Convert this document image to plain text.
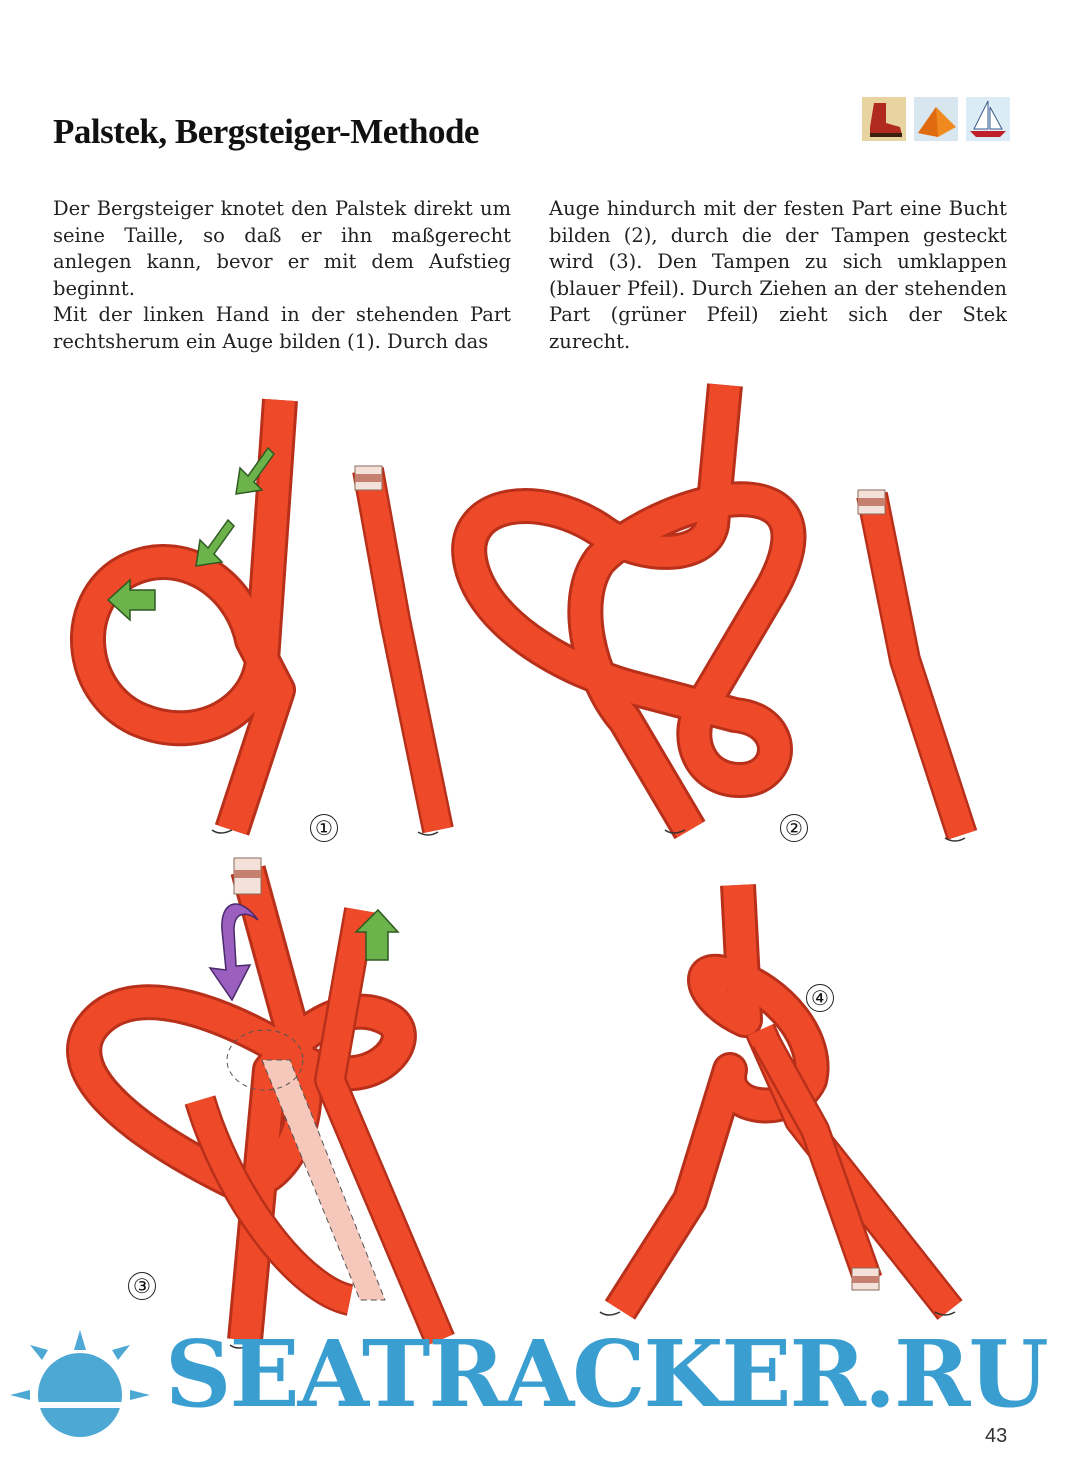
Palstek, Bergsteiger-Methode

Der Bergsteiger knotet den Palstek direkt um seine Taille, so daß er ihn maßgerecht anlegen kann, bevor er mit dem Aufstieg beginnt.

Mit der linken Hand in der stehenden Part rechtsherum ein Auge bilden (1). Durch das

Auge hindurch mit der festen Part eine Bucht bilden (2), durch die der Tampen gesteckt wird (3). Den Tampen zu sich umklappen (blauer Pfeil). Durch Ziehen an der stehenden Part (grüner Pfeil) zieht sich der Stek zurecht.

①	②
③
④
SEATRACKER.RU
43
